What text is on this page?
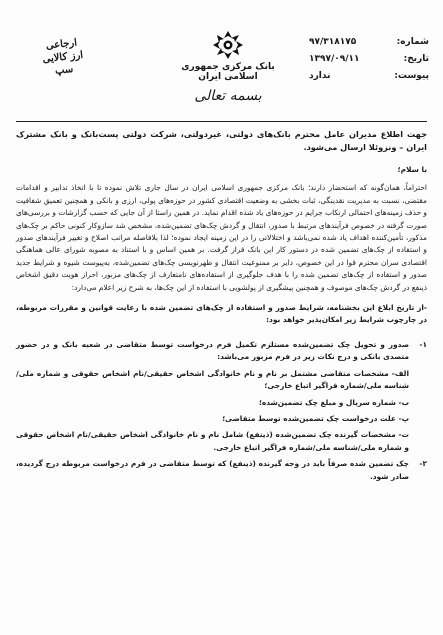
شماره:
۹۷/۳۱۸۱۷۵
تاریخ:
۱۳۹۷/۰۹/۱۱
پیوست:
ندارد
بانک مرکزی جمهوری اسلامی ایران
بسمه تعالی
ارجاعی
ارز کالایی
سپ

جهت اطلاع مدیران عامل محترم بانک‌های دولتی، غیردولتی، شرکت دولتی پست‌بانک و بانک مشترک ایران – ونزوئلا ارسال می‌شود.

با سلام؛

احتراماً، همان‌گونه که استحضار دارند؛ بانک مرکزی جمهوری اسلامی ایران در سال جاری تلاش نموده تا با اتخاذ تدابیر و اقدامات مقتضی، نسبت به مدیریت نقدینگی، ثبات بخشی به وضعیت اقتصادی کشور در حوزه‌های پولی، ارزی و بانکی و همچنین تعمیق شفافیت و حذف زمینه‌های احتمالی ارتکاب جرایم در حوزه‌های یاد شده اقدام نماید. در همین راستا از آن جایی که حسب گزارشات و بررسی‌های صورت گرفته در خصوص فرآیندهای مرتبط با صدور، انتقال و گردش چک‌های تضمین‌شده، مشخص شد سازوکار کنونی حاکم بر چک‌های مذکور، تأمین‌کننده اهداف یاد شده نمی‌باشد و اختلالاتی را در این زمینه ایجاد نموده؛ لذا بلافاصله مراتب اصلاح و تغییر فرآیندهای صدور و استفاده از چک‌های تضمین شده در دستور کار این بانک قرار گرفت. بر همین اساس و با استناد به مصوبه شورای عالی هماهنگی اقتصادی سران محترم قوا در این خصوص، دایر بر ممنوعیت انتقال و ظهرنویسی چک‌های تضمین‌شده، به‌پیوست شیوه و شرایط جدید صدور و استفاده از چک‌های تضمین شده را با هدف جلوگیری از استفاده‌های نامتعارف از چک‌های مزبور، احراز هویت دقیق اشخاص ذینفع در گردش چک‌های موصوف و همچنین پیشگیری از پولشویی با استفاده از این چک‌ها، به شرح زیر اعلام می‌دارد:

-از تاریخ ابلاغ این بخشنامه، شرایط صدور و استفاده از چک‌های تضمین شده با رعایت قوانین و مقررات مربوطه، در چارچوب شرایط زیر امکان‌پذیر خواهد بود:

۱-
صدور و تحویل چک تضمین‌شده مستلزم تکمیل فرم درخواست توسط متقاضی در شعبه بانک و در حضور متصدی بانکی و درج نکات زیر در فرم مزبور می‌باشد:

الف- مشخصات متقاضی مشتمل بر نام و نام خانوادگی اشخاص حقیقی/نام اشخاص حقوقی و شماره ملی/شناسه ملی/شماره فراگیر اتباع خارجی؛

ب- شماره سریال و مبلغ چک تضمین‌شده؛

پ- علت درخواست چک تضمین‌شده توسط متقاضی؛

ت- مشخصات گیرنده چک تضمین‌شده (ذینفع) شامل نام و نام خانوادگی اشخاص حقیقی/نام اشخاص حقوقی و شماره ملی/شناسه ملی/شماره فراگیر اتباع خارجی.

۲-
چک تضمین شده صرفاً باید در وجه گیرنده (ذینفع) که توسط متقاضی در فرم درخواست مربوطه درج گردیده، صادر شود.
